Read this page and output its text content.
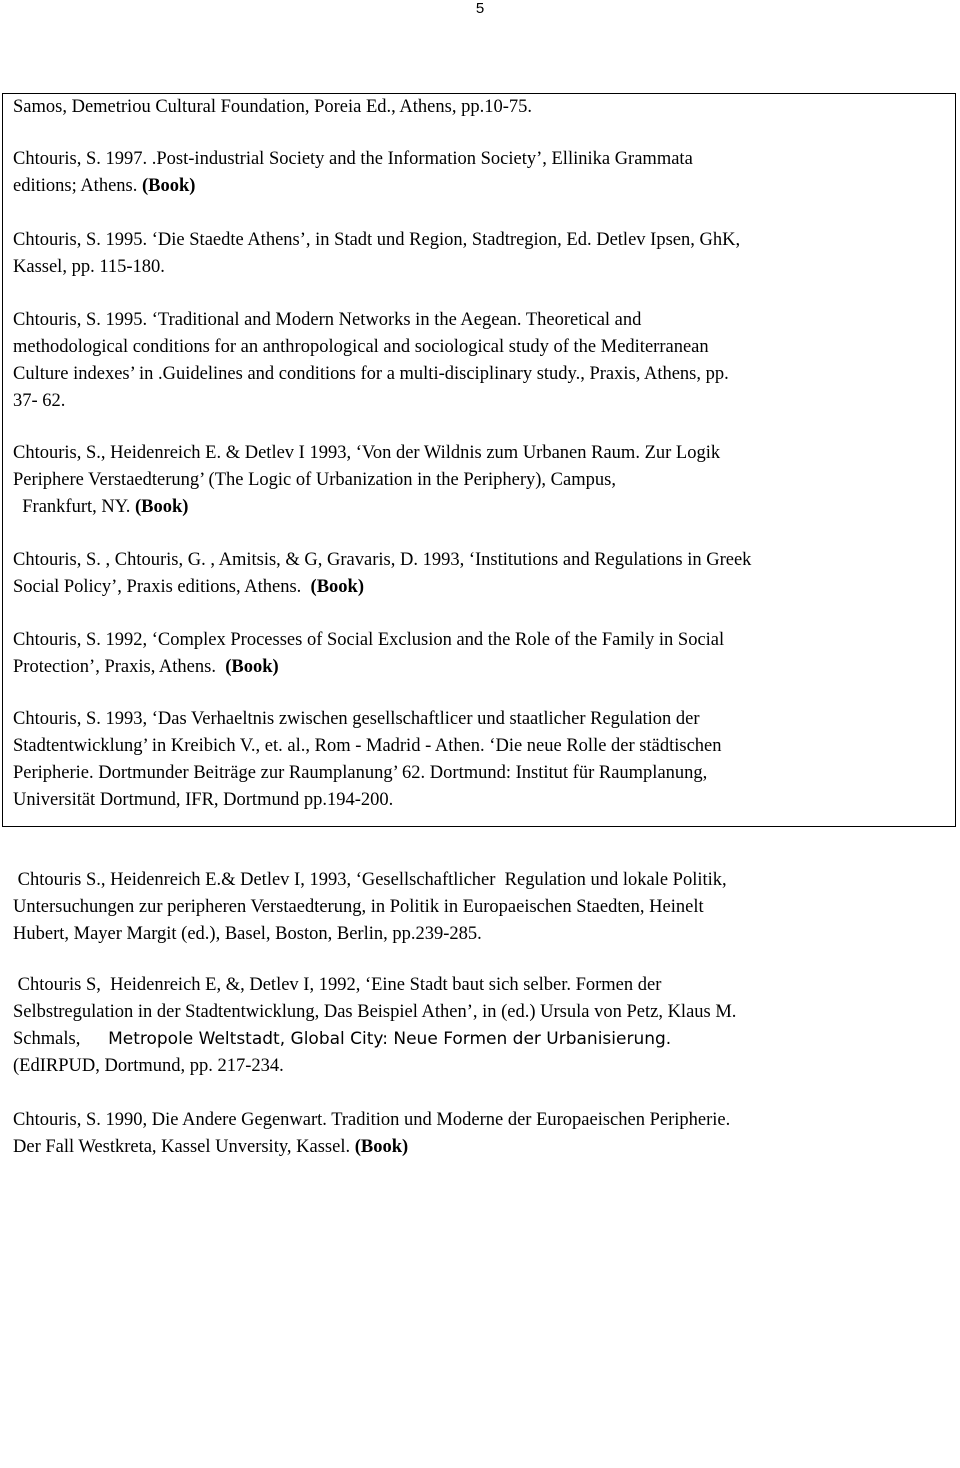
5
Samos, Demetriou Cultural Foundation, Poreia Ed., Athens, pp.10-75.
Chtouris, S. 1997. .Post-industrial Society and the Information Society’, Ellinika Grammata
editions; Athens. (Book)
Chtouris, S. 1995. ‘Die Staedte Athens’, in Stadt und Region, Stadtregion, Ed. Detlev Ipsen, GhK,
Kassel, pp. 115-180.
Chtouris, S. 1995. ‘Traditional and Modern Networks in the Aegean. Theoretical and
methodological conditions for an anthropological and sociological study of the Mediterranean
Culture indexes’ in .Guidelines and conditions for a multi-disciplinary study., Praxis, Athens, pp.
37- 62.
Chtouris, S., Heidenreich E. & Detlev I 1993, ‘Von der Wildnis zum Urbanen Raum. Zur Logik
Periphere Verstaedterung’ (The Logic of Urbanization in the Periphery), Campus,
Frankfurt, NY. (Book)
Chtouris, S. , Chtouris, G. , Amitsis, & G, Gravaris, D. 1993, ‘Institutions and Regulations in Greek
Social Policy’, Praxis editions, Athens.  (Book)
Chtouris, S. 1992, ‘Complex Processes of Social Exclusion and the Role of the Family in Social
Protection’, Praxis, Athens.  (Book)
Chtouris, S. 1993, ‘Das Verhaeltnis zwischen gesellschaftlicer und staatlicher Regulation der
Stadtentwicklung’ in Kreibich V., et. al., Rom - Madrid - Athen. ‘Die neue Rolle der städtischen
Peripherie. Dortmunder Beiträge zur Raumplanung’ 62. Dortmund: Institut für Raumplanung,
Universität Dortmund, IFR, Dortmund pp.194-200.
Chtouris S., Heidenreich E.& Detlev I, 1993, ‘Gesellschaftlicher  Regulation und lokale Politik,
Untersuchungen zur peripheren Verstaedterung, in Politik in Europaeischen Staedten, Heinelt
Hubert, Mayer Margit (ed.), Basel, Boston, Berlin, pp.239-285.
Chtouris S,  Heidenreich E, &, Detlev I, 1992, ‘Eine Stadt baut sich selber. Formen der
Selbstregulation in der Stadtentwicklung, Das Beispiel Athen’, in (ed.) Ursula von Petz, Klaus M.
Schmals,      Metropole Weltstadt, Global City: Neue Formen der Urbanisierung.
(EdIRPUD, Dortmund, pp. 217-234.
Chtouris, S. 1990, Die Andere Gegenwart. Tradition und Moderne der Europaeischen Peripherie.
Der Fall Westkreta, Kassel Unversity, Kassel. (Book)
